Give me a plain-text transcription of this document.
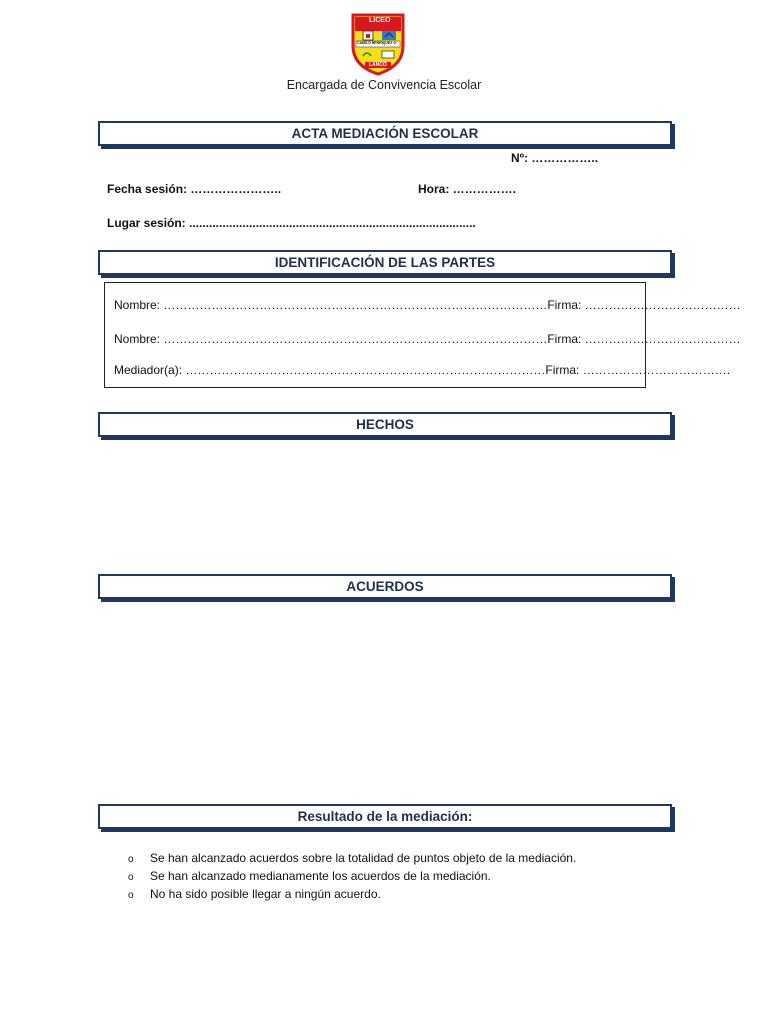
LICEO
CAMILO HENRIQUEZ G.
LANCO
Encargada de Convivencia Escolar
ACTA MEDIACIÓN ESCOLAR
Nº: ……………..
Fecha sesión: …………………..	Hora: …………….
Lugar sesión: ......................................................................................
IDENTIFICACIÓN DE LAS PARTES
Nombre: ……………………………………………………………………………………Firma: …………………………………
Nombre: ……………………………………………………………………………………Firma: …………………………………
Mediador(a): ………………………………………………………………………………Firma: ……………………………….
HECHOS
ACUERDOS
Resultado de la mediación:
o Se han alcanzado acuerdos sobre la totalidad de puntos objeto de la mediación.
o Se han alcanzado medianamente los acuerdos de la mediación.
o No ha sido posible llegar a ningún acuerdo.
